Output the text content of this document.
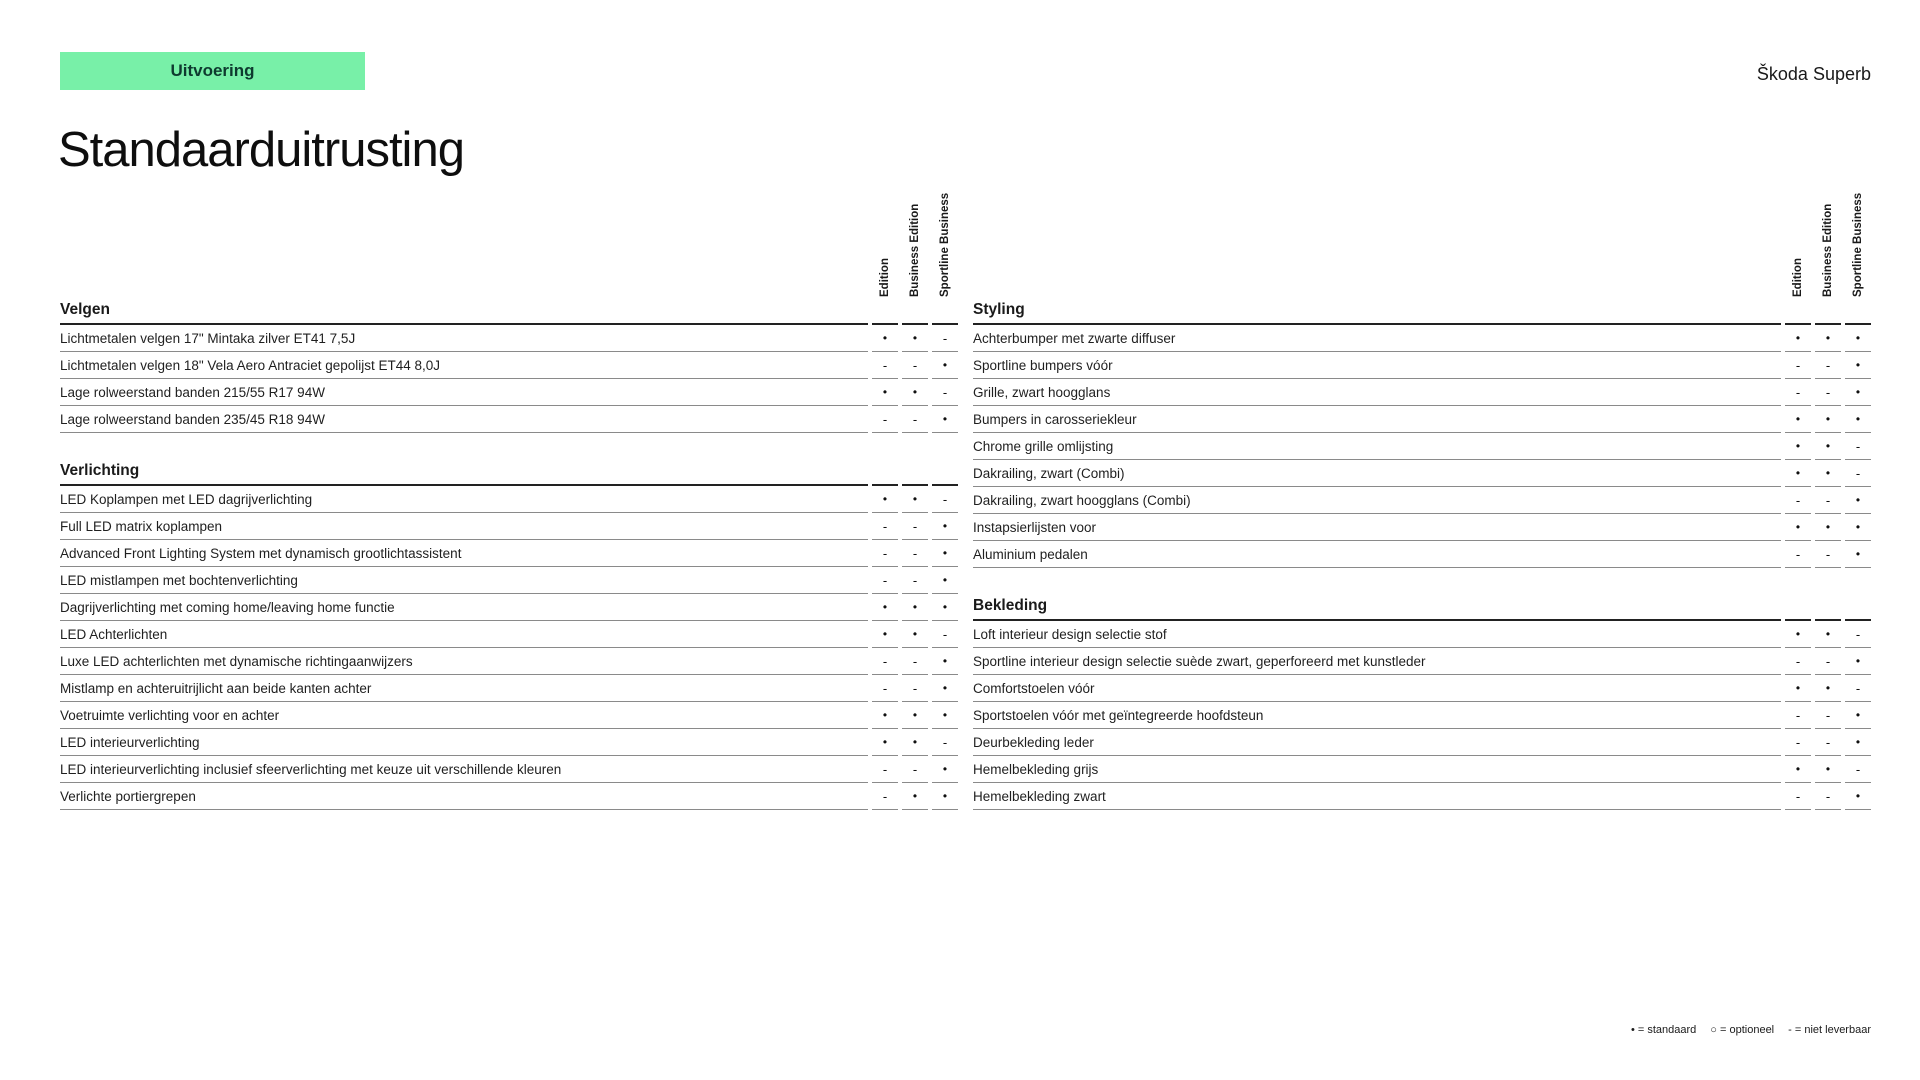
Uitvoering	Škoda Superb
Standaarduitrusting
Edition Business Edition Sportline Business
Velgen
Lichtmetalen velgen 17" Mintaka zilver ET41 7,5J	•	•	-
Lichtmetalen velgen 18" Vela Aero Antraciet gepolijst ET44 8,0J	-	-	•
Lage rolweerstand banden 215/55 R17 94W	•	•	-
Lage rolweerstand banden 235/45 R18 94W	-	-	•
Verlichting
LED Koplampen met LED dagrijverlichting	•	•	-
Full LED matrix koplampen	-	-	•
Advanced Front Lighting System met dynamisch grootlichtassistent	-	-	•
LED mistlampen met bochtenverlichting	-	-	•
Dagrijverlichting met coming home/leaving home functie	•	•	•
LED Achterlichten	•	•	-
Luxe LED achterlichten met dynamische richtingaanwijzers	-	-	•
Mistlamp en achteruitrijlicht aan beide kanten achter	-	-	•
Voetruimte verlichting voor en achter	•	•	•
LED interieurverlichting	•	•	-
LED interieurverlichting inclusief sfeerverlichting met keuze uit verschillende kleuren	-	-	•
Verlichte portiergrepen	-	•	•
Edition Business Edition Sportline Business
Styling
Achterbumper met zwarte diffuser	•	•	•
Sportline bumpers vóór	-	-	•
Grille, zwart hoogglans	-	-	•
Bumpers in carosseriekleur	•	•	•
Chrome grille omlijsting	•	•	-
Dakrailing, zwart (Combi)	•	•	-
Dakrailing, zwart hoogglans (Combi)	-	-	•
Instapsierlijsten voor	•	•	•
Aluminium pedalen	-	-	•
Bekleding
Loft interieur design selectie stof	•	•	-
Sportline interieur design selectie suède zwart, geperforeerd met kunstleder	-	-	•
Comfortstoelen vóór	•	•	-
Sportstoelen vóór met geïntegreerde hoofdsteun	-	-	•
Deurbekleding leder	-	-	•
Hemelbekleding grijs	•	•	-
Hemelbekleding zwart	-	-	•
• = standaard ○ = optioneel - = niet leverbaar
